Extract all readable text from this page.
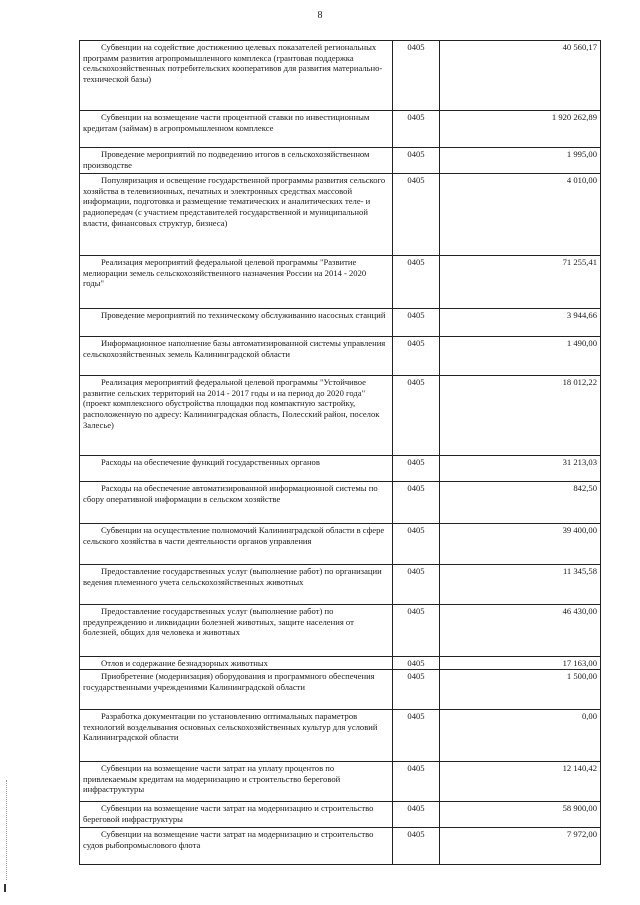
8
Субвенции на содействие достижению целевых показателей региональных программ развития агропромышленного комплекса (грантовая поддержка сельскохозяйственных потребительских кооперативов для развития материально-технической базы)	0405	40 560,17
Субвенции на возмещение части процентной ставки по инвестиционным кредитам (займам) в агропромышленном комплексе	0405	1 920 262,89
Проведение мероприятий по подведению итогов в сельскохозяйственном производстве	0405	1 995,00
Популяризация и освещение государственной программы развития сельского хозяйства в телевизионных, печатных и электронных средствах массовой информации, подготовка и размещение тематических и аналитических теле- и радиопередач (с участием представителей государственной и муниципальной власти, финансовых структур, бизнеса)	0405	4 010,00
Реализация мероприятий федеральной целевой программы "Развитие мелиорации земель сельскохозяйственного назначения России на 2014 - 2020 годы"	0405	71 255,41
Проведение мероприятий по техническому обслуживанию насосных станций	0405	3 944,66
Информационное наполнение базы автоматизированной системы управления сельскохозяйственных земель Калининградской области	0405	1 490,00
Реализация мероприятий федеральной целевой программы "Устойчивое развитие сельских территорий на 2014 - 2017 годы и на период до 2020 года" (проект комплексного обустройства площадки под компактную застройку, расположенную по адресу: Калининградская область, Полесский район, поселок Залесье)	0405	18 012,22
Расходы на обеспечение функций государственных органов	0405	31 213,03
Расходы на обеспечение автоматизированной информационной системы по сбору оперативной информации в сельском хозяйстве	0405	842,50
Субвенции на осуществление полномочий Калининградской области в сфере сельского хозяйства в части деятельности органов управления	0405	39 400,00
Предоставление государственных услуг (выполнение работ) по организации ведения племенного учета сельскохозяйственных животных	0405	11 345,58
Предоставление государственных услуг (выполнение работ) по предупреждению и ликвидации болезней животных, защите населения от болезней, общих для человека и животных	0405	46 430,00
Отлов и содержание безнадзорных животных	0405	17 163,00
Приобретение (модернизация) оборудования и программного обеспечения государственными учреждениями Калининградской области	0405	1 500,00
Разработка документации по установлению оптимальных параметров технологий возделывания основных сельскохозяйственных культур для условий Калининградской области	0405	0,00
Субвенции на возмещение части затрат на уплату процентов по привлекаемым кредитам на модернизацию и строительство береговой инфраструктуры	0405	12 140,42
Субвенции на возмещение части затрат на модернизацию и строительство береговой инфраструктуры	0405	58 900,00
Субвенции на возмещение части затрат на модернизацию и строительство судов рыбопромыслового флота	0405	7 972,00
